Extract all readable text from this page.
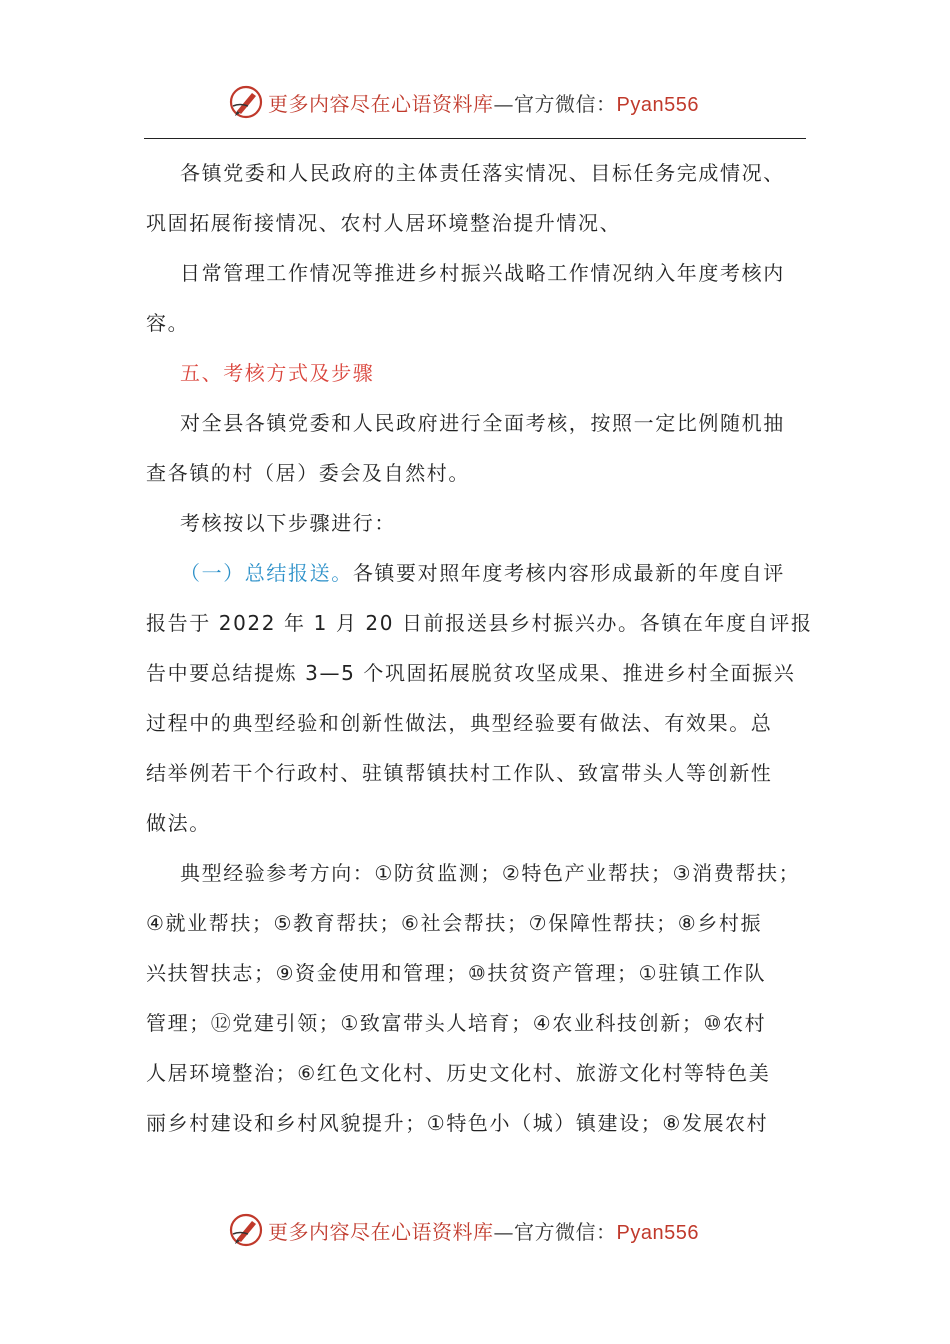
更多内容尽在心语资料库—官方微信：Pyan556

各镇党委和人民政府的主体责任落实情况、目标任务完成情况、

巩固拓展衔接情况、农村人居环境整治提升情况、

日常管理工作情况等推进乡村振兴战略工作情况纳入年度考核内

容。

五、考核方式及步骤

对全县各镇党委和人民政府进行全面考核，按照一定比例随机抽

查各镇的村（居）委会及自然村。

考核按以下步骤进行：

（一）总结报送。各镇要对照年度考核内容形成最新的年度自评

报告于 2022 年 1 月 20 日前报送县乡村振兴办。各镇在年度自评报

告中要总结提炼 3—5 个巩固拓展脱贫攻坚成果、推进乡村全面振兴

过程中的典型经验和创新性做法，典型经验要有做法、有效果。总

结举例若干个行政村、驻镇帮镇扶村工作队、致富带头人等创新性

做法。

典型经验参考方向：①防贫监测；②特色产业帮扶；③消费帮扶；

④就业帮扶；⑤教育帮扶；⑥社会帮扶；⑦保障性帮扶；⑧乡村振

兴扶智扶志；⑨资金使用和管理；⑩扶贫资产管理；①驻镇工作队

管理；⑫党建引领；①致富带头人培育；④农业科技创新；⑩农村

人居环境整治；⑥红色文化村、历史文化村、旅游文化村等特色美

丽乡村建设和乡村风貌提升；①特色小（城）镇建设；⑧发展农村

更多内容尽在心语资料库—官方微信：Pyan556
